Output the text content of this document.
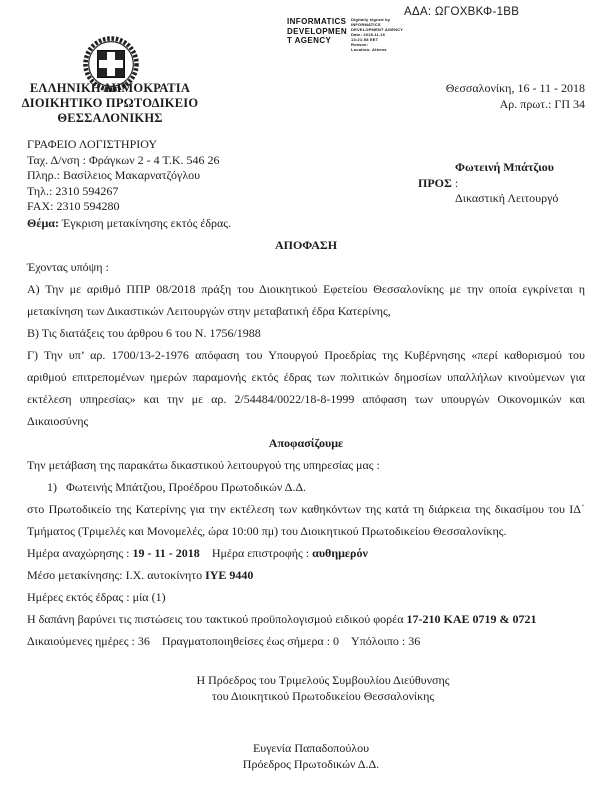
ΑΔΑ: ΩΓΟΧΒΚΦ-1ΒΒ
INFORMATICS
DEVELOPMEN
T AGENCY
Digitally signed by
INFORMATICS
DEVELOPMENT AGENCY
Date: 2018.11.16
13:21:58 EET
Reason:
Location: Athens
ΕΛΛΗΝΙΚΗ ΔΗΜΟΚΡΑΤΙΑ
ΔΙΟΙΚΗΤΙΚΟ ΠΡΩΤΟΔΙΚΕΙΟ
ΘΕΣΣΑΛΟΝΙΚΗΣ
Θεσσαλονίκη, 16 - 11 - 2018
Αρ. πρωτ.: ΓΠ 34
ΓΡΑΦΕΙΟ ΛΟΓΙΣΤΗΡΙΟΥ
Ταχ. Δ/νση : Φράγκων 2 - 4 Τ.Κ. 546 26
Πληρ.: Βασίλειος Μακαρνατζόγλου
Τηλ.: 2310 594267
FAX: 2310 594280
Φωτεινή Μπάτζιου
ΠΡΟΣ :
Δικαστική Λειτουργό

Θέμα: Έγκριση μετακίνησης εκτός έδρας.

ΑΠΟΦΑΣΗ

Έχοντας υπόψη :

Α) Την με αριθμό ΠΠΡ 08/2018 πράξη του Διοικητικού Εφετείου Θεσσαλονίκης με την οποία εγκρίνεται η μετακίνηση των Δικαστικών Λειτουργών στην μεταβατική έδρα Κατερίνης,

Β) Τις διατάξεις του άρθρου 6 του Ν. 1756/1988

Γ) Την υπ’ αρ. 1700/13-2-1976 απόφαση του Υπουργού Προεδρίας της Κυβέρνησης «περί καθορισμού του αριθμού επιτρεπομένων ημερών παραμονής εκτός έδρας των πολιτικών δημοσίων υπαλλήλων κινούμενων για εκτέλεση υπηρεσίας» και την με αρ. 2/54484/0022/18-8-1999 απόφαση των υπουργών Οικονομικών και Δικαιοσύνης

Αποφασίζουμε

Την μετάβαση της παρακάτω δικαστικού λειτουργού της υπηρεσίας μας :

1) Φωτεινής Μπάτζιου, Προέδρου Πρωτοδικών Δ.Δ.

στο Πρωτοδικείο της Κατερίνης για την εκτέλεση των καθηκόντων της κατά τη διάρκεια της δικασίμου του ΙΔ΄ Τμήματος (Τριμελές και Μονομελές, ώρα 10:00 πμ) του Διοικητικού Πρωτοδικείου Θεσσαλονίκης.

Ημέρα αναχώρησης : 19 - 11 - 2018 Ημέρα επιστροφής : αυθημερόν

Μέσο μετακίνησης: Ι.Χ. αυτοκίνητο ΙΥΕ 9440

Ημέρες εκτός έδρας : μία (1)

Η δαπάνη βαρύνει τις πιστώσεις του τακτικού προϋπολογισμού ειδικού φορέα 17-210 ΚΑΕ 0719 & 0721

Δικαιούμενες ημέρες : 36 Πραγματοποιηθείσες έως σήμερα : 0 Υπόλοιπο : 36

Η Πρόεδρος του Τριμελούς Συμβουλίου Διεύθυνσης
του Διοικητικού Πρωτοδικείου Θεσσαλονίκης
Ευγενία Παπαδοπούλου
Πρόεδρος Πρωτοδικών Δ.Δ.
